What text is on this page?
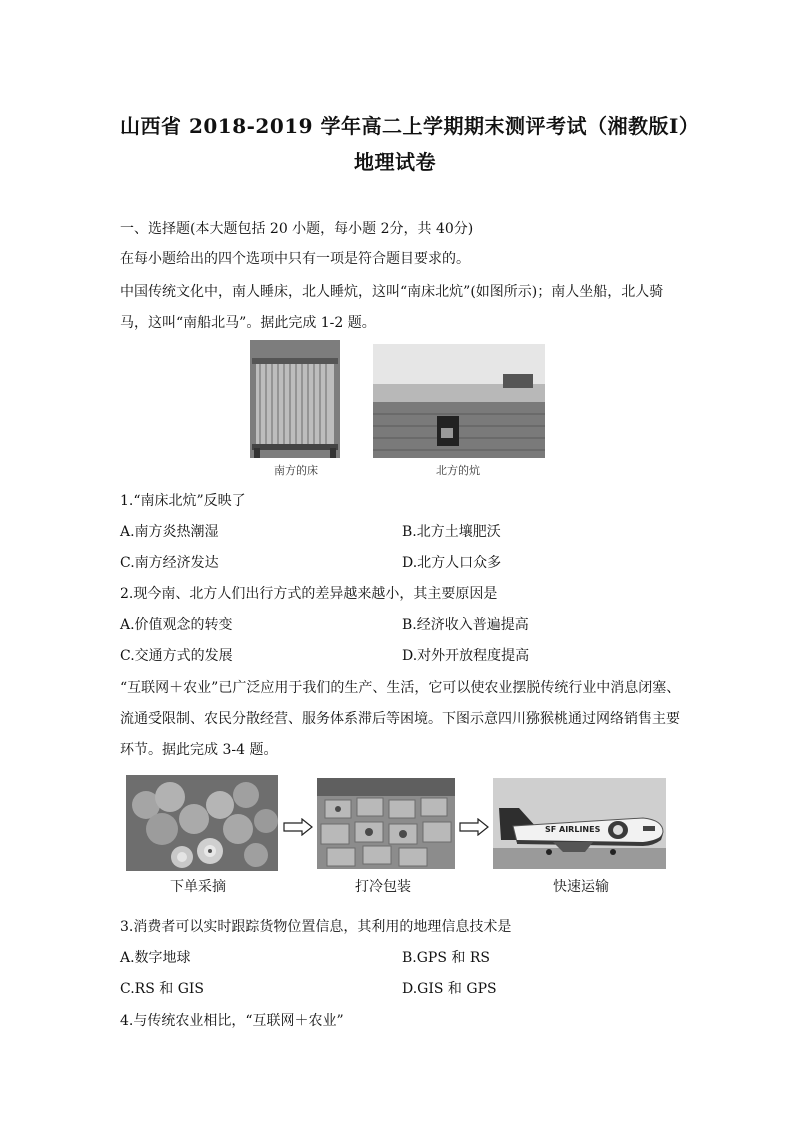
山西省 2018-2019 学年高二上学期期末测评考试（湘教版Ⅰ）
地理试卷
一、选择题(本大题包括 20 小题，每小题 2分，共 40分)
在每小题给出的四个选项中只有一项是符合题目要求的。
中国传统文化中，南人睡床，北人睡炕，这叫“南床北炕”(如图所示)；南人坐船，北人骑
马，这叫“南船北马”。据此完成 1-2 题。
南方的床	北方的炕
1.“南床北炕”反映了
A.南方炎热潮湿	B.北方土壤肥沃
C.南方经济发达	D.北方人口众多
2.现今南、北方人们出行方式的差异越来越小，其主要原因是
A.价值观念的转变	B.经济收入普遍提高
C.交通方式的发展	D.对外开放程度提高
“互联网＋农业”已广泛应用于我们的生产、生活，它可以使农业摆脱传统行业中消息闭塞、
流通受限制、农民分散经营、服务体系滞后等困境。下图示意四川猕猴桃通过网络销售主要
环节。据此完成 3-4 题。
SF AIRLINES
下单采摘	打冷包装	快速运输
3.消费者可以实时跟踪货物位置信息，其利用的地理信息技术是
A.数字地球	B.GPS 和 RS
C.RS 和 GIS	D.GIS 和 GPS
4.与传统农业相比，“互联网＋农业”
